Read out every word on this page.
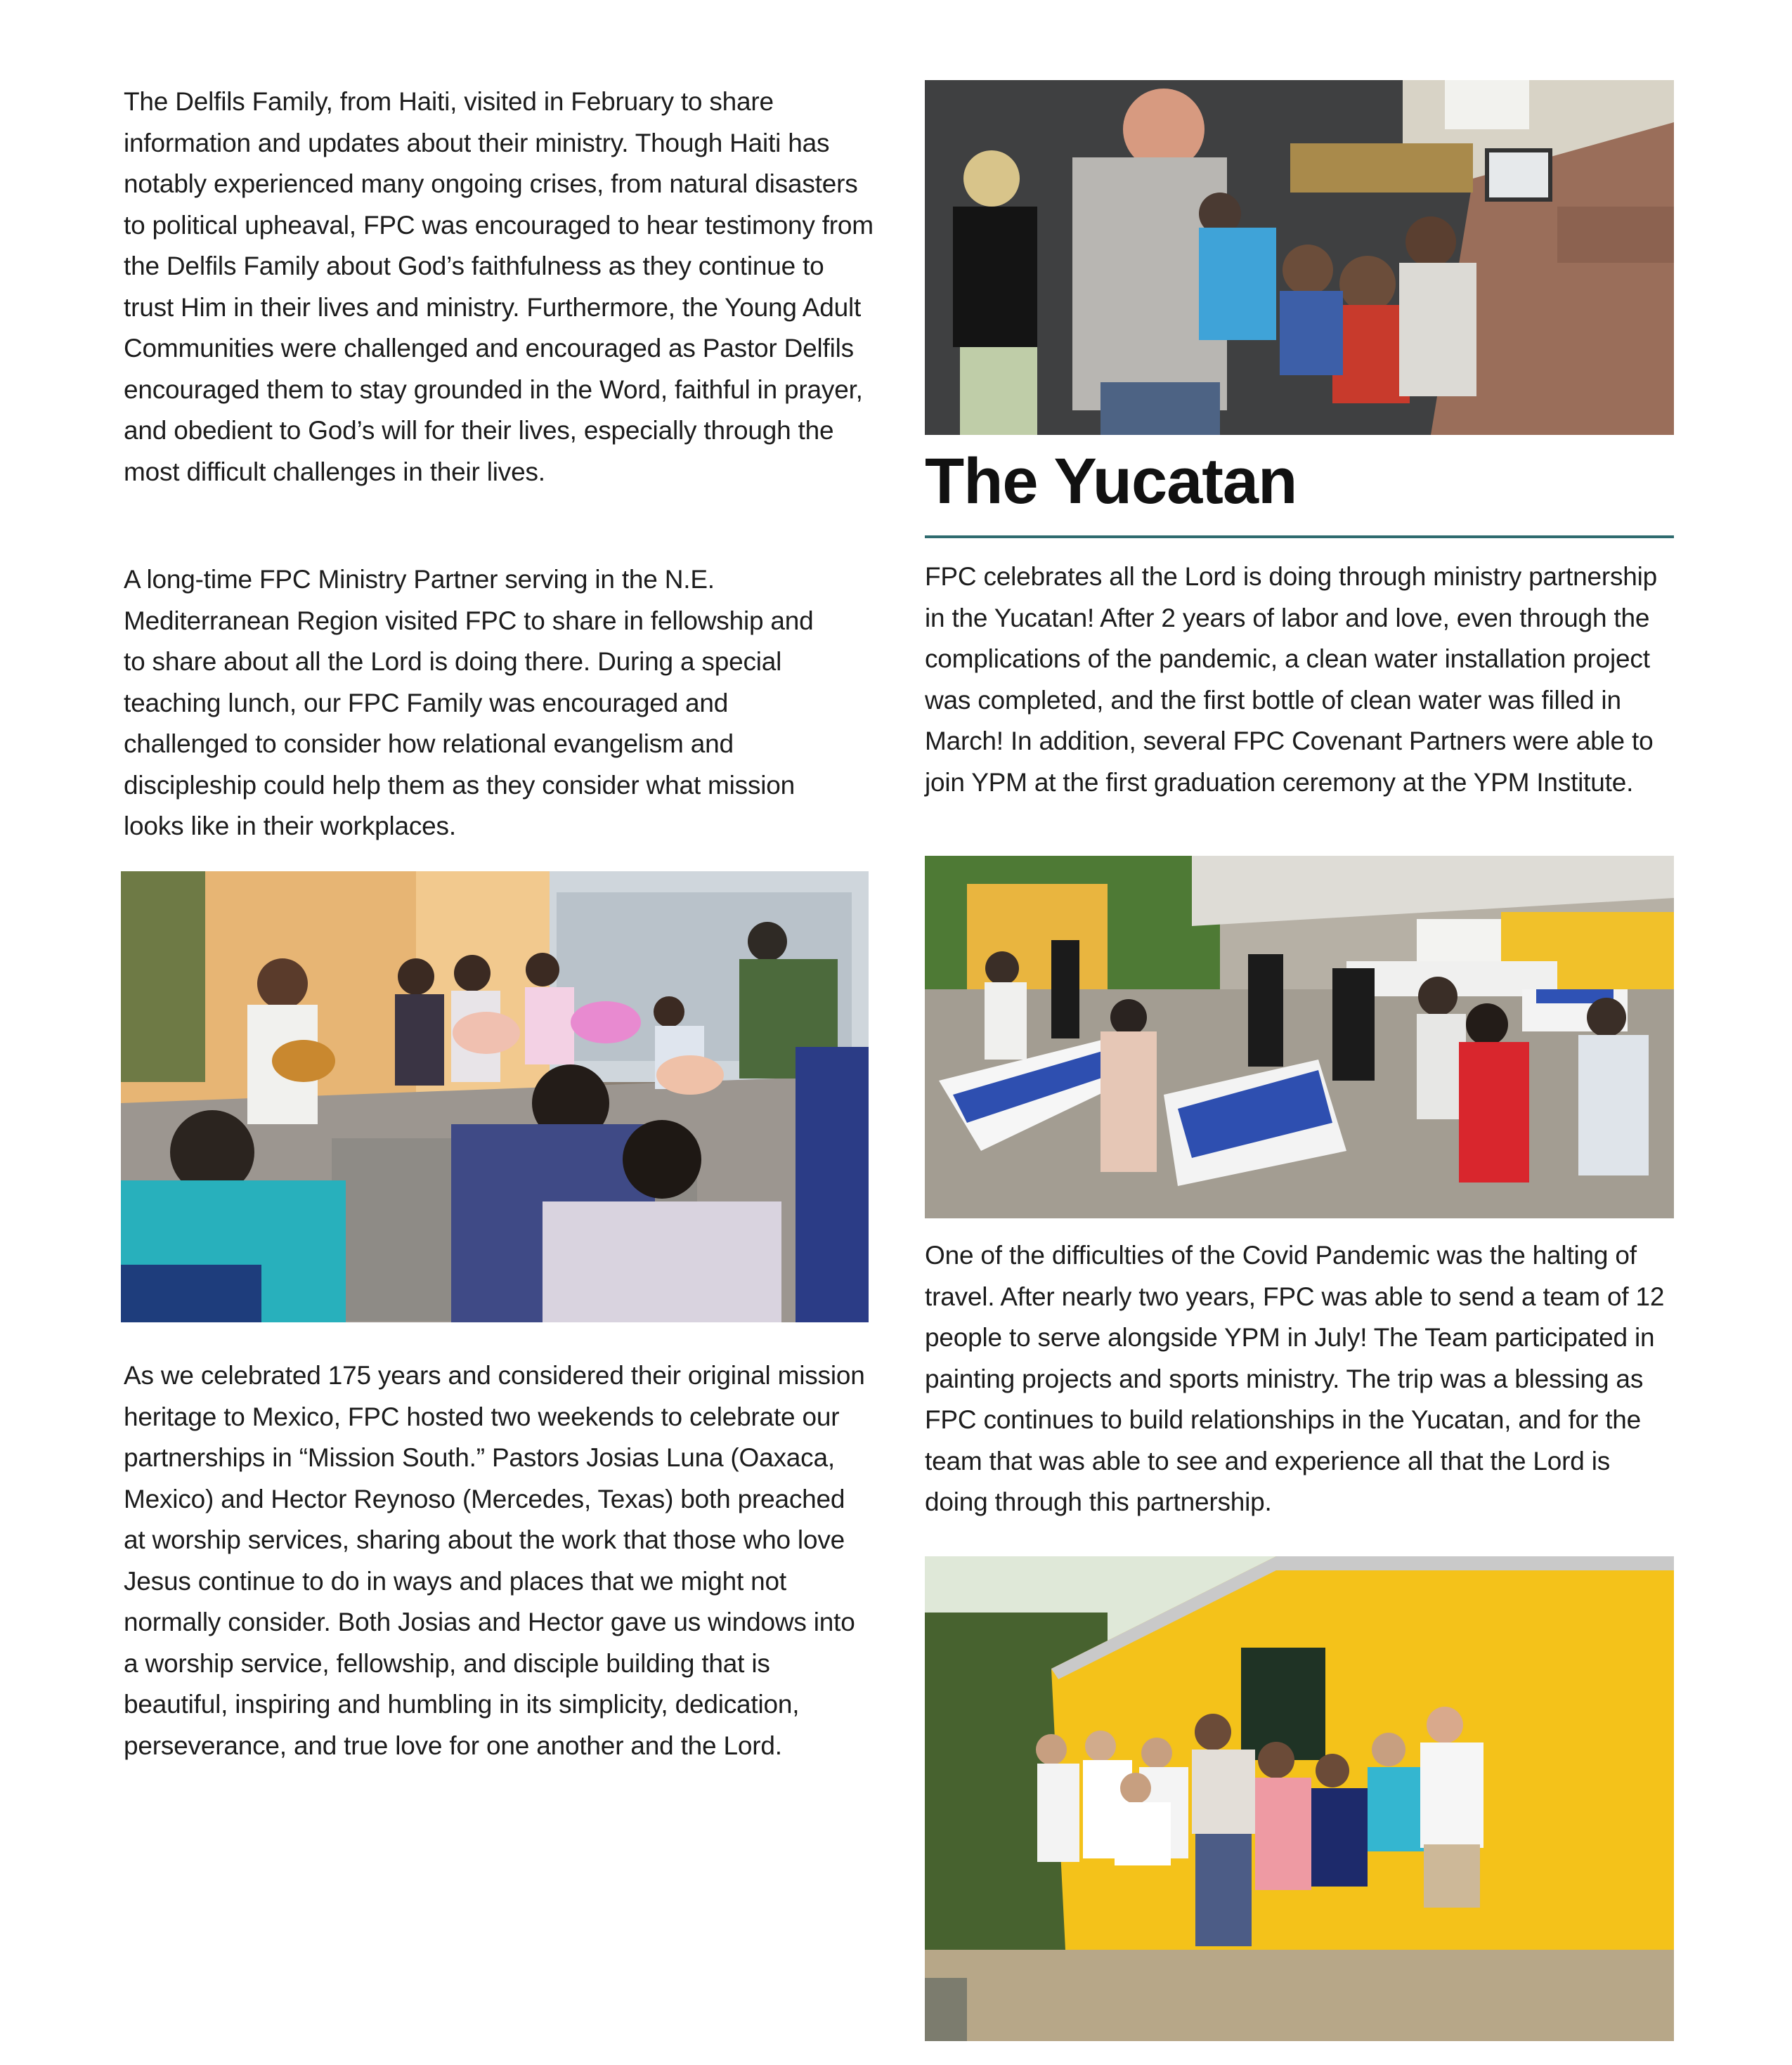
The Delfils Family, from Haiti, visited in February to share information and updates about their ministry. Though Haiti has notably experienced many ongoing crises, from natural disasters to political upheaval, FPC was encouraged to hear testimony from the Delfils Family about God’s faithfulness as they continue to trust Him in their lives and ministry. Furthermore, the Young Adult Communities were challenged and encouraged as Pastor Delfils encouraged them to stay grounded in the Word, faithful in prayer, and obedient to God’s will for their lives, especially through the most difficult challenges in their lives.

A long-time FPC Ministry Partner serving in the N.E. Mediterranean Region visited FPC to share in fellowship and to share about all the Lord is doing there. During a special teaching lunch, our FPC Family was encouraged and challenged to consider how relational evangelism and discipleship could help them as they consider what mission looks like in their workplaces.

As we celebrated 175 years and considered their original mission heritage to Mexico, FPC hosted two weekends to celebrate our partnerships in “Mission South.” Pastors Josias Luna (Oaxaca, Mexico) and Hector Reynoso (Mercedes, Texas) both preached at worship services, sharing about the work that those who love Jesus continue to do in ways and places that we might not normally consider. Both Josias and Hector gave us windows into a worship service, fellowship, and disciple building that is beautiful, inspiring and humbling in its simplicity, dedication, perseverance, and true love for one another and the Lord.

The Yucatan

FPC celebrates all the Lord is doing through ministry partnership in the Yucatan! After 2 years of labor and love, even through the complications of the pandemic, a clean water installation project was completed, and the first bottle of clean water was filled in March! In addition, several FPC Covenant Partners were able to join YPM at the first graduation ceremony at the YPM Institute.

One of the difficulties of the Covid Pandemic was the halting of travel. After nearly two years, FPC was able to send a team of 12 people to serve alongside YPM in July! The Team participated in painting projects and sports ministry. The trip was a blessing as FPC continues to build relationships in the Yucatan, and for the team that was able to see and experience all that the Lord is doing through this partnership.
